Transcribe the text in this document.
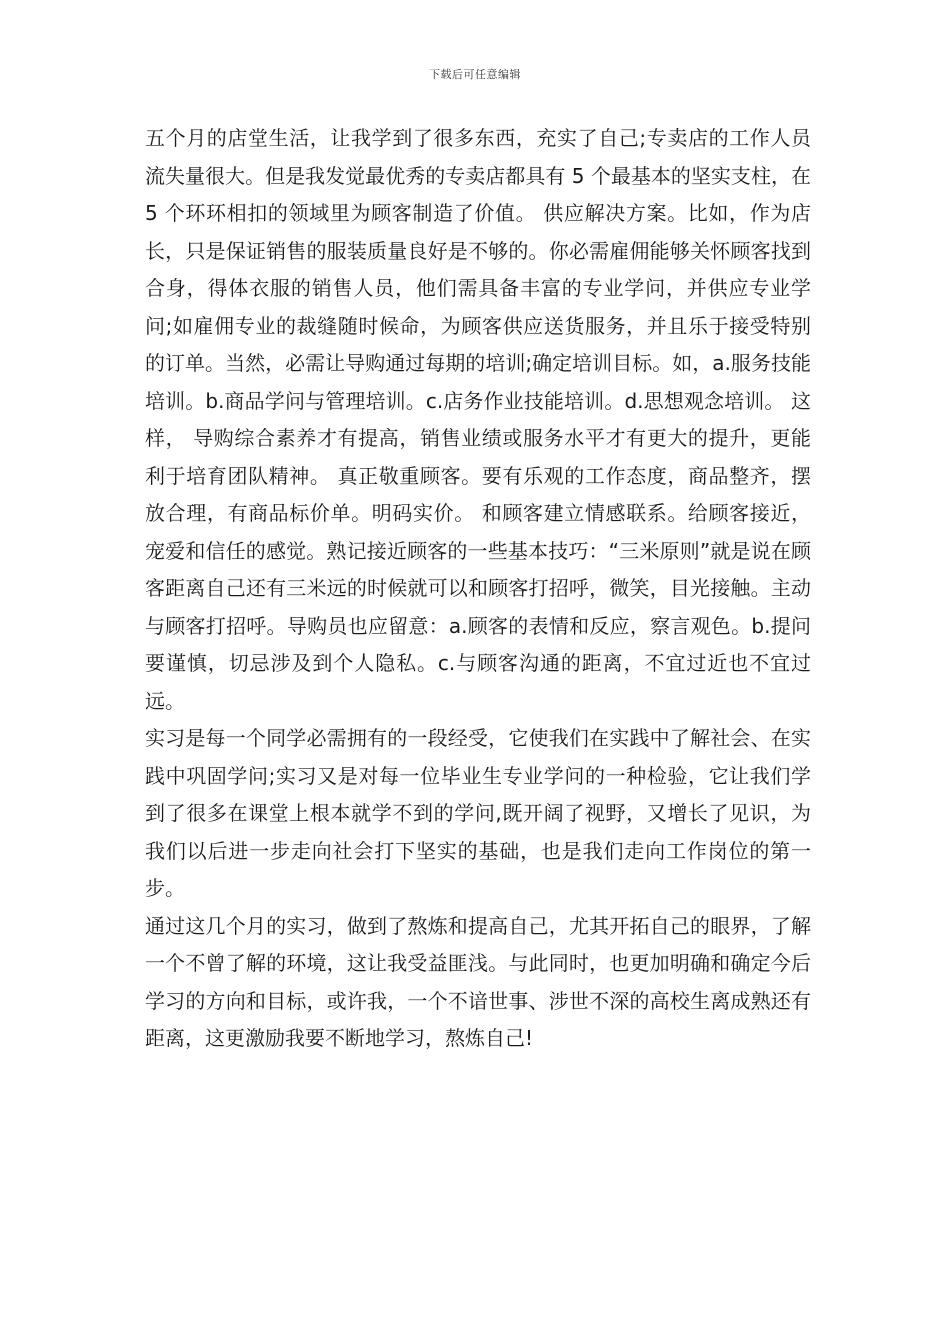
下载后可任意编辑

五个月的店堂生活，让我学到了很多东西，充实了自己;专卖店的工作人员流失量很大。但是我发觉最优秀的专卖店都具有 5 个最基本的坚实支柱，在 5 个环环相扣的领域里为顾客制造了价值。 供应解决方案。比如，作为店长，只是保证销售的服装质量良好是不够的。你必需雇佣能够关怀顾客找到合身，得体衣服的销售人员，他们需具备丰富的专业学问，并供应专业学问;如雇佣专业的裁缝随时候命，为顾客供应送货服务，并且乐于接受特别的订单。当然，必需让导购通过每期的培训;确定培训目标。如，a.服务技能培训。b.商品学问与管理培训。c.店务作业技能培训。d.思想观念培训。 这样， 导购综合素养才有提高，销售业绩或服务水平才有更大的提升，更能利于培育团队精神。 真正敬重顾客。要有乐观的工作态度，商品整齐，摆放合理，有商品标价单。明码实价。 和顾客建立情感联系。给顾客接近，宠爱和信任的感觉。熟记接近顾客的一些基本技巧：“三米原则”就是说在顾客距离自己还有三米远的时候就可以和顾客打招呼，微笑，目光接触。主动与顾客打招呼。导购员也应留意：a.顾客的表情和反应，察言观色。b.提问要谨慎，切忌涉及到个人隐私。c.与顾客沟通的距离，不宜过近也不宜过远。

实习是每一个同学必需拥有的一段经受，它使我们在实践中了解社会、在实践中巩固学问;实习又是对每一位毕业生专业学问的一种检验，它让我们学到了很多在课堂上根本就学不到的学问,既开阔了视野，又增长了见识，为我们以后进一步走向社会打下坚实的基础，也是我们走向工作岗位的第一步。

通过这几个月的实习，做到了熬炼和提高自己，尤其开拓自己的眼界，了解一个不曾了解的环境，这让我受益匪浅。与此同时，也更加明确和确定今后学习的方向和目标，或许我，一个不谙世事、涉世不深的高校生离成熟还有距离，这更激励我要不断地学习，熬炼自己!
